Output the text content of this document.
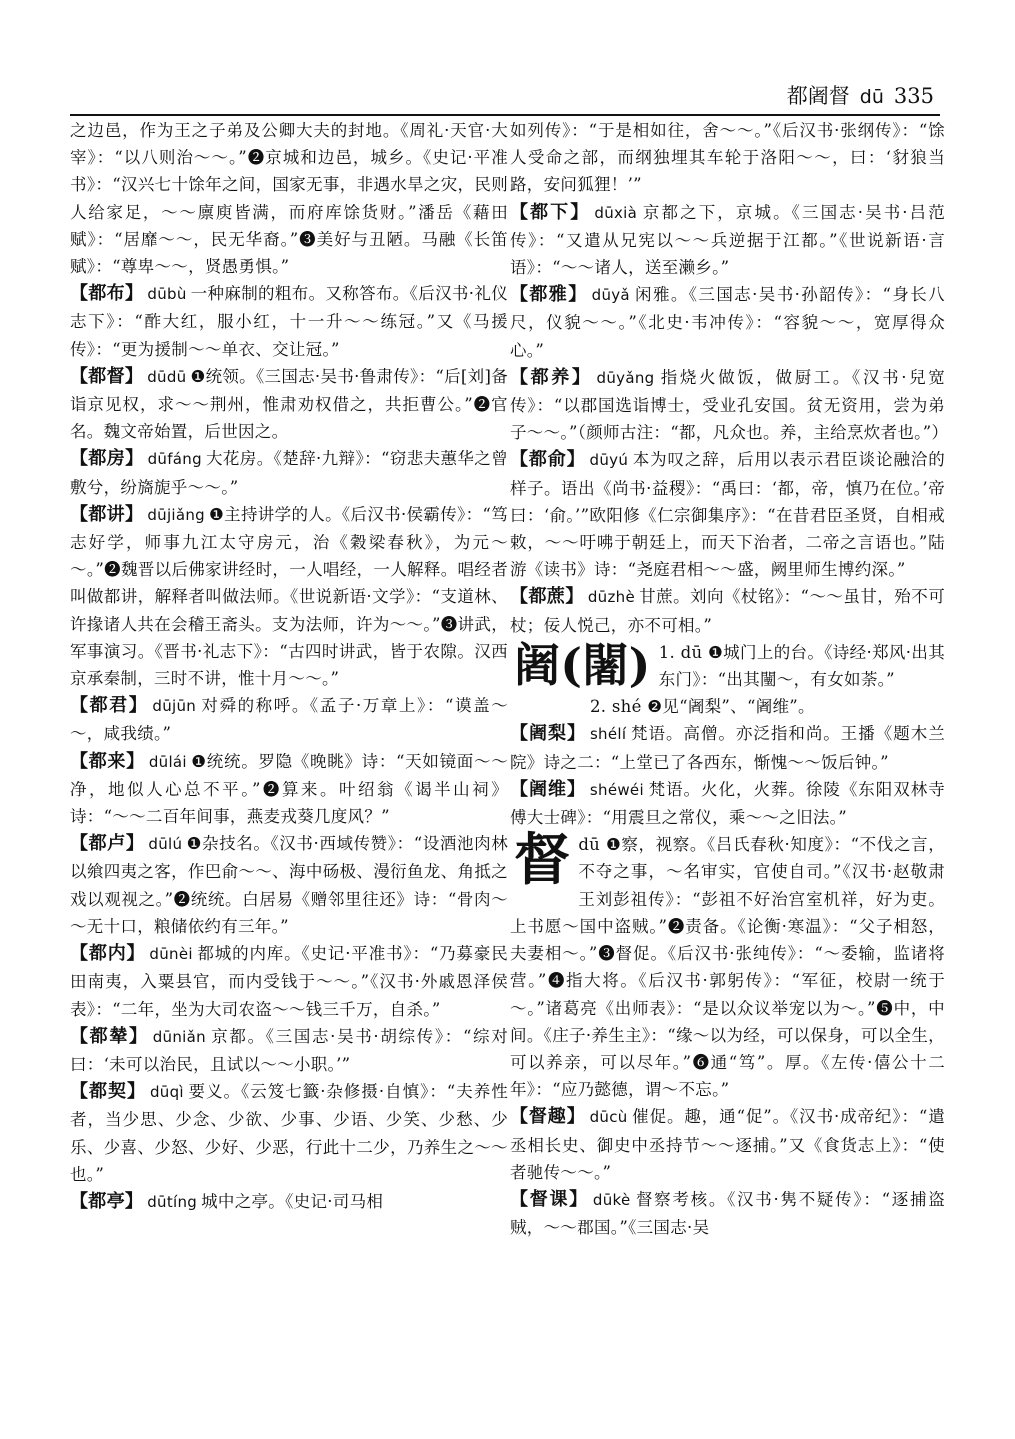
都阇督 dū 335

之边邑，作为王之子弟及公卿大夫的封地。《周礼·天官·大宰》：“以八则治～～。”❷京城和边邑，城乡。《史记·平准书》：“汉兴七十馀年之间，国家无事，非遇水旱之灾，民则人给家足，～～廪庾皆满，而府库馀货财。”潘岳《藉田赋》：“居靡～～，民无华裔。”❸美好与丑陋。马融《长笛赋》：“尊卑～～，贤愚勇惧。”

【都布】 dūbù 一种麻制的粗布。又称答布。《后汉书·礼仪志下》：“酢大红，服小红，十一升～～练冠。”又《马援传》：“更为援制～～单衣、交让冠。”

【都督】 dūdū ❶统领。《三国志·吴书·鲁肃传》：“后[刘]备诣京见权，求～～荆州，惟肃劝权借之，共拒曹公。”❷官名。魏文帝始置，后世因之。

【都房】 dūfáng 大花房。《楚辞·九辩》：“窃悲夫蕙华之曾敷兮，纷旖旎乎～～。”

【都讲】 dūjiǎng ❶主持讲学的人。《后汉书·侯霸传》：“笃志好学，师事九江太守房元，治《穀梁春秋》，为元～～。”❷魏晋以后佛家讲经时，一人唱经，一人解释。唱经者叫做都讲，解释者叫做法师。《世说新语·文学》：“支道林、许掾诸人共在会稽王斋头。支为法师，许为～～。”❸讲武，军事演习。《晋书·礼志下》：“古四时讲武，皆于农隙。汉西京承秦制，三时不讲，惟十月～～。”

【都君】 dūjūn 对舜的称呼。《孟子·万章上》：“谟盖～～，咸我绩。”

【都来】 dūlái ❶统统。罗隐《晚眺》诗：“天如镜面～～净，地似人心总不平。”❷算来。叶绍翁《谒半山祠》诗：“～～二百年间事，燕麦戎葵几度风？”

【都卢】 dūlú ❶杂技名。《汉书·西域传赞》：“设酒池肉林以飨四夷之客，作巴俞～～、海中砀极、漫衍鱼龙、角抵之戏以观视之。”❷统统。白居易《赠邻里往还》诗：“骨肉～～无十口，粮储依约有三年。”

【都内】 dūnèi 都城的内库。《史记·平准书》：“乃募豪民田南夷，入粟县官，而内受钱于～～。”《汉书·外戚恩泽侯表》：“二年，坐为大司农盗～～钱三千万，自杀。”

【都辇】 dūniǎn 京都。《三国志·吴书·胡综传》：“综对曰：‘未可以治民，且试以～～小职。’”

【都契】 dūqì 要义。《云笈七籤·杂修摄·自慎》：“夫养性者，当少思、少念、少欲、少事、少语、少笑、少愁、少乐、少喜、少怒、少好、少恶，行此十二少，乃养生之～～也。”

【都亭】 dūtíng 城中之亭。《史记·司马相

如列传》：“于是相如往，舍～～。”《后汉书·张纲传》：“馀人受命之部，而纲独埋其车轮于洛阳～～，曰：‘豺狼当路，安问狐狸！’”

【都下】 dūxià 京都之下，京城。《三国志·吴书·吕范传》：“又遣从兄宪以～～兵逆据于江都。”《世说新语·言语》：“～～诸人，送至濑乡。”

【都雅】 dūyǎ 闲雅。《三国志·吴书·孙韶传》：“身长八尺，仪貌～～。”《北史·韦冲传》：“容貌～～，宽厚得众心。”

【都养】 dūyǎng 指烧火做饭，做厨工。《汉书·兒宽传》：“以郡国选诣博士，受业孔安国。贫无资用，尝为弟子～～。”（颜师古注：“都，凡众也。养，主给烹炊者也。”）

【都俞】 dūyú 本为叹之辞，后用以表示君臣谈论融洽的样子。语出《尚书·益稷》：“禹曰：‘都，帝，慎乃在位。’帝曰：‘俞。’”欧阳修《仁宗御集序》：“在昔君臣圣贤，自相戒敕，～～吁咈于朝廷上，而天下治者，二帝之言语也。”陆游《读书》诗：“尧庭君相～～盛，阙里师生博约深。”

【都蔗】 dūzhè 甘蔗。刘向《杖铭》：“～～虽甘，殆不可杖；佞人悦己，亦不可相。”

阇(闍) 1. dū ❶城门上的台。《诗经·郑风·出其东门》：“出其闉～，有女如荼。”

2. shé ❷见“阇梨”、“阇维”。

【阇梨】 shélí 梵语。高僧。亦泛指和尚。王播《题木兰院》诗之二：“上堂已了各西东，惭愧～～饭后钟。”

【阇维】 shéwéi 梵语。火化，火葬。徐陵《东阳双林寺傅大士碑》：“用震旦之常仪，乘～～之旧法。”

督dū ❶察，视察。《吕氏春秋·知度》：“不伐之言，不夺之事，～名审实，官使自司。”《汉书·赵敬肃王刘彭祖传》：“彭祖不好治宫室机祥，好为吏。上书愿～国中盗贼。”❷责备。《论衡·寒温》：“父子相怒，夫妻相～。”❸督促。《后汉书·张纯传》：“～委输，监诸将营。”❹指大将。《后汉书·郭躬传》：“军征，校尉一统于～。”诸葛亮《出师表》：“是以众议举宠以为～。”❺中，中间。《庄子·养生主》：“缘～以为经，可以保身，可以全生，可以养亲，可以尽年。”❻通“笃”。厚。《左传·僖公十二年》：“应乃懿德，谓～不忘。”

【督趣】 dūcù 催促。趣，通“促”。《汉书·成帝纪》：“遣丞相长史、御史中丞持节～～逐捕。”又《食货志上》：“使者驰传～～。”

【督课】 dūkè 督察考核。《汉书·隽不疑传》：“逐捕盗贼，～～郡国。”《三国志·吴
